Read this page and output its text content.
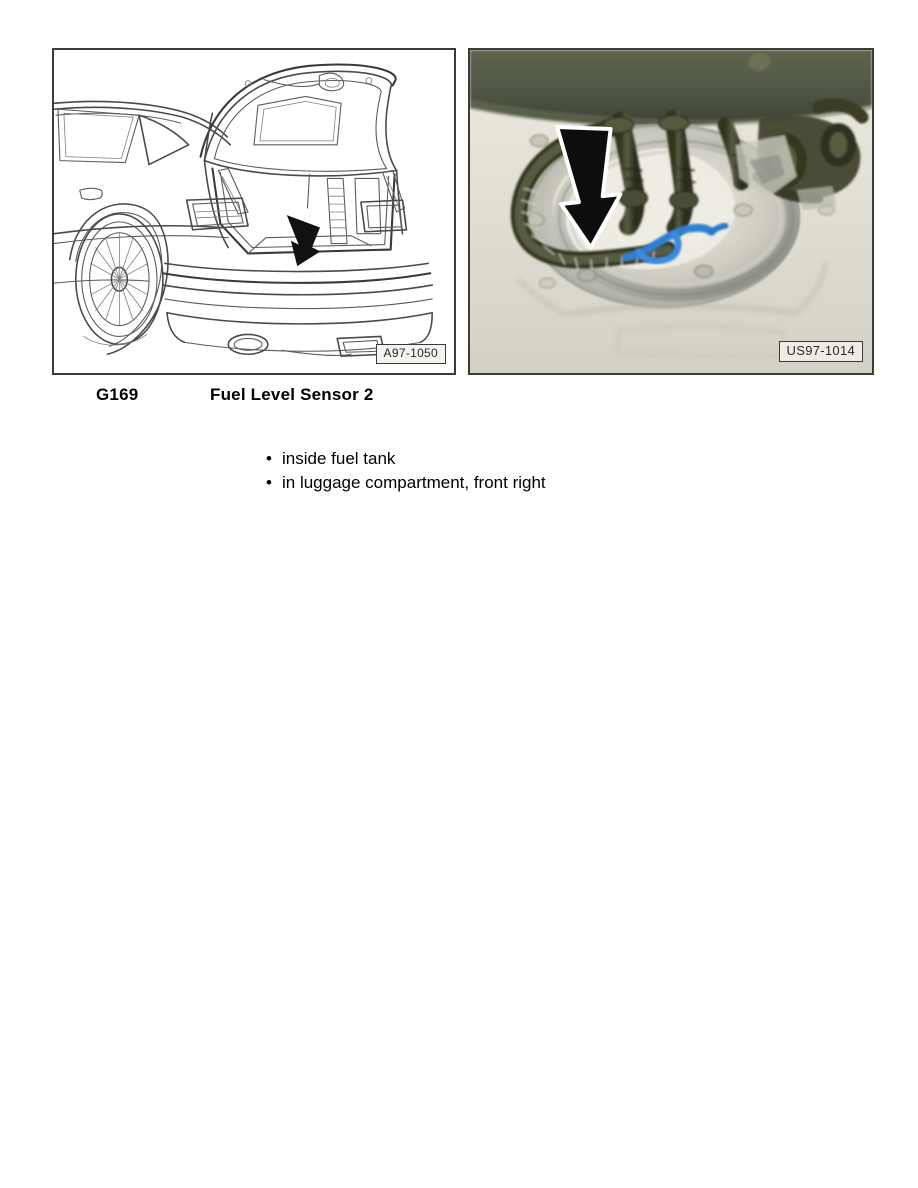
A97-1050	US97-1014
G169	Fuel Level Sensor 2
• inside fuel tank
• in luggage compartment, front right
